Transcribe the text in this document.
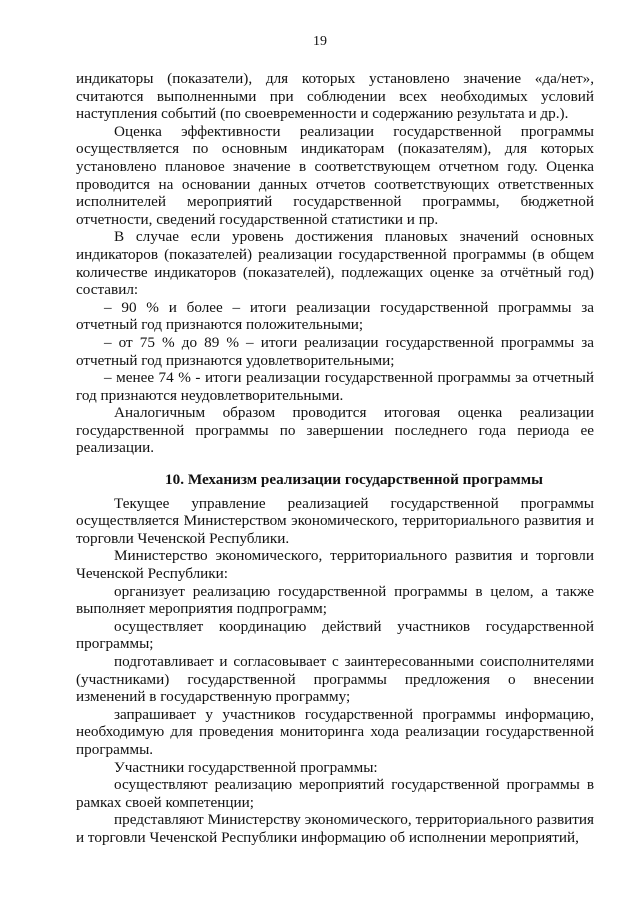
19

индикаторы (показатели), для которых установлено значение «да/нет», считаются выполненными при соблюдении всех необходимых условий наступления событий (по своевременности и содержанию результата и др.).

Оценка эффективности реализации государственной программы осуществляется по основным индикаторам (показателям), для которых установлено плановое значение в соответствующем отчетном году. Оценка проводится на основании данных отчетов соответствующих ответственных исполнителей мероприятий государственной программы, бюджетной отчетности, сведений государственной статистики и пр.

В случае если уровень достижения плановых значений основных индикаторов (показателей) реализации государственной программы (в общем количестве индикаторов (показателей), подлежащих оценке за отчётный год) составил:

– 90 % и более – итоги реализации государственной программы за отчетный год признаются положительными;

– от 75 % до 89 % – итоги реализации государственной программы за отчетный год признаются удовлетворительными;

– менее 74 % - итоги реализации государственной программы за отчетный год признаются неудовлетворительными.

Аналогичным образом проводится итоговая оценка реализации государственной программы по завершении последнего года периода ее реализации.

10. Механизм реализации государственной программы

Текущее управление реализацией государственной программы осуществляется Министерством экономического, территориального развития и торговли Чеченской Республики.

Министерство экономического, территориального развития и торговли Чеченской Республики:

организует реализацию государственной программы в целом, а также выполняет мероприятия подпрограмм;

осуществляет координацию действий участников государственной программы;

подготавливает и согласовывает с заинтересованными соисполнителями (участниками) государственной программы предложения о внесении изменений в государственную программу;

запрашивает у участников государственной программы информацию, необходимую для проведения мониторинга хода реализации государственной программы.

Участники государственной программы:

осуществляют реализацию мероприятий государственной программы в рамках своей компетенции;

представляют Министерству экономического, территориального развития и торговли Чеченской Республики информацию об исполнении мероприятий,
